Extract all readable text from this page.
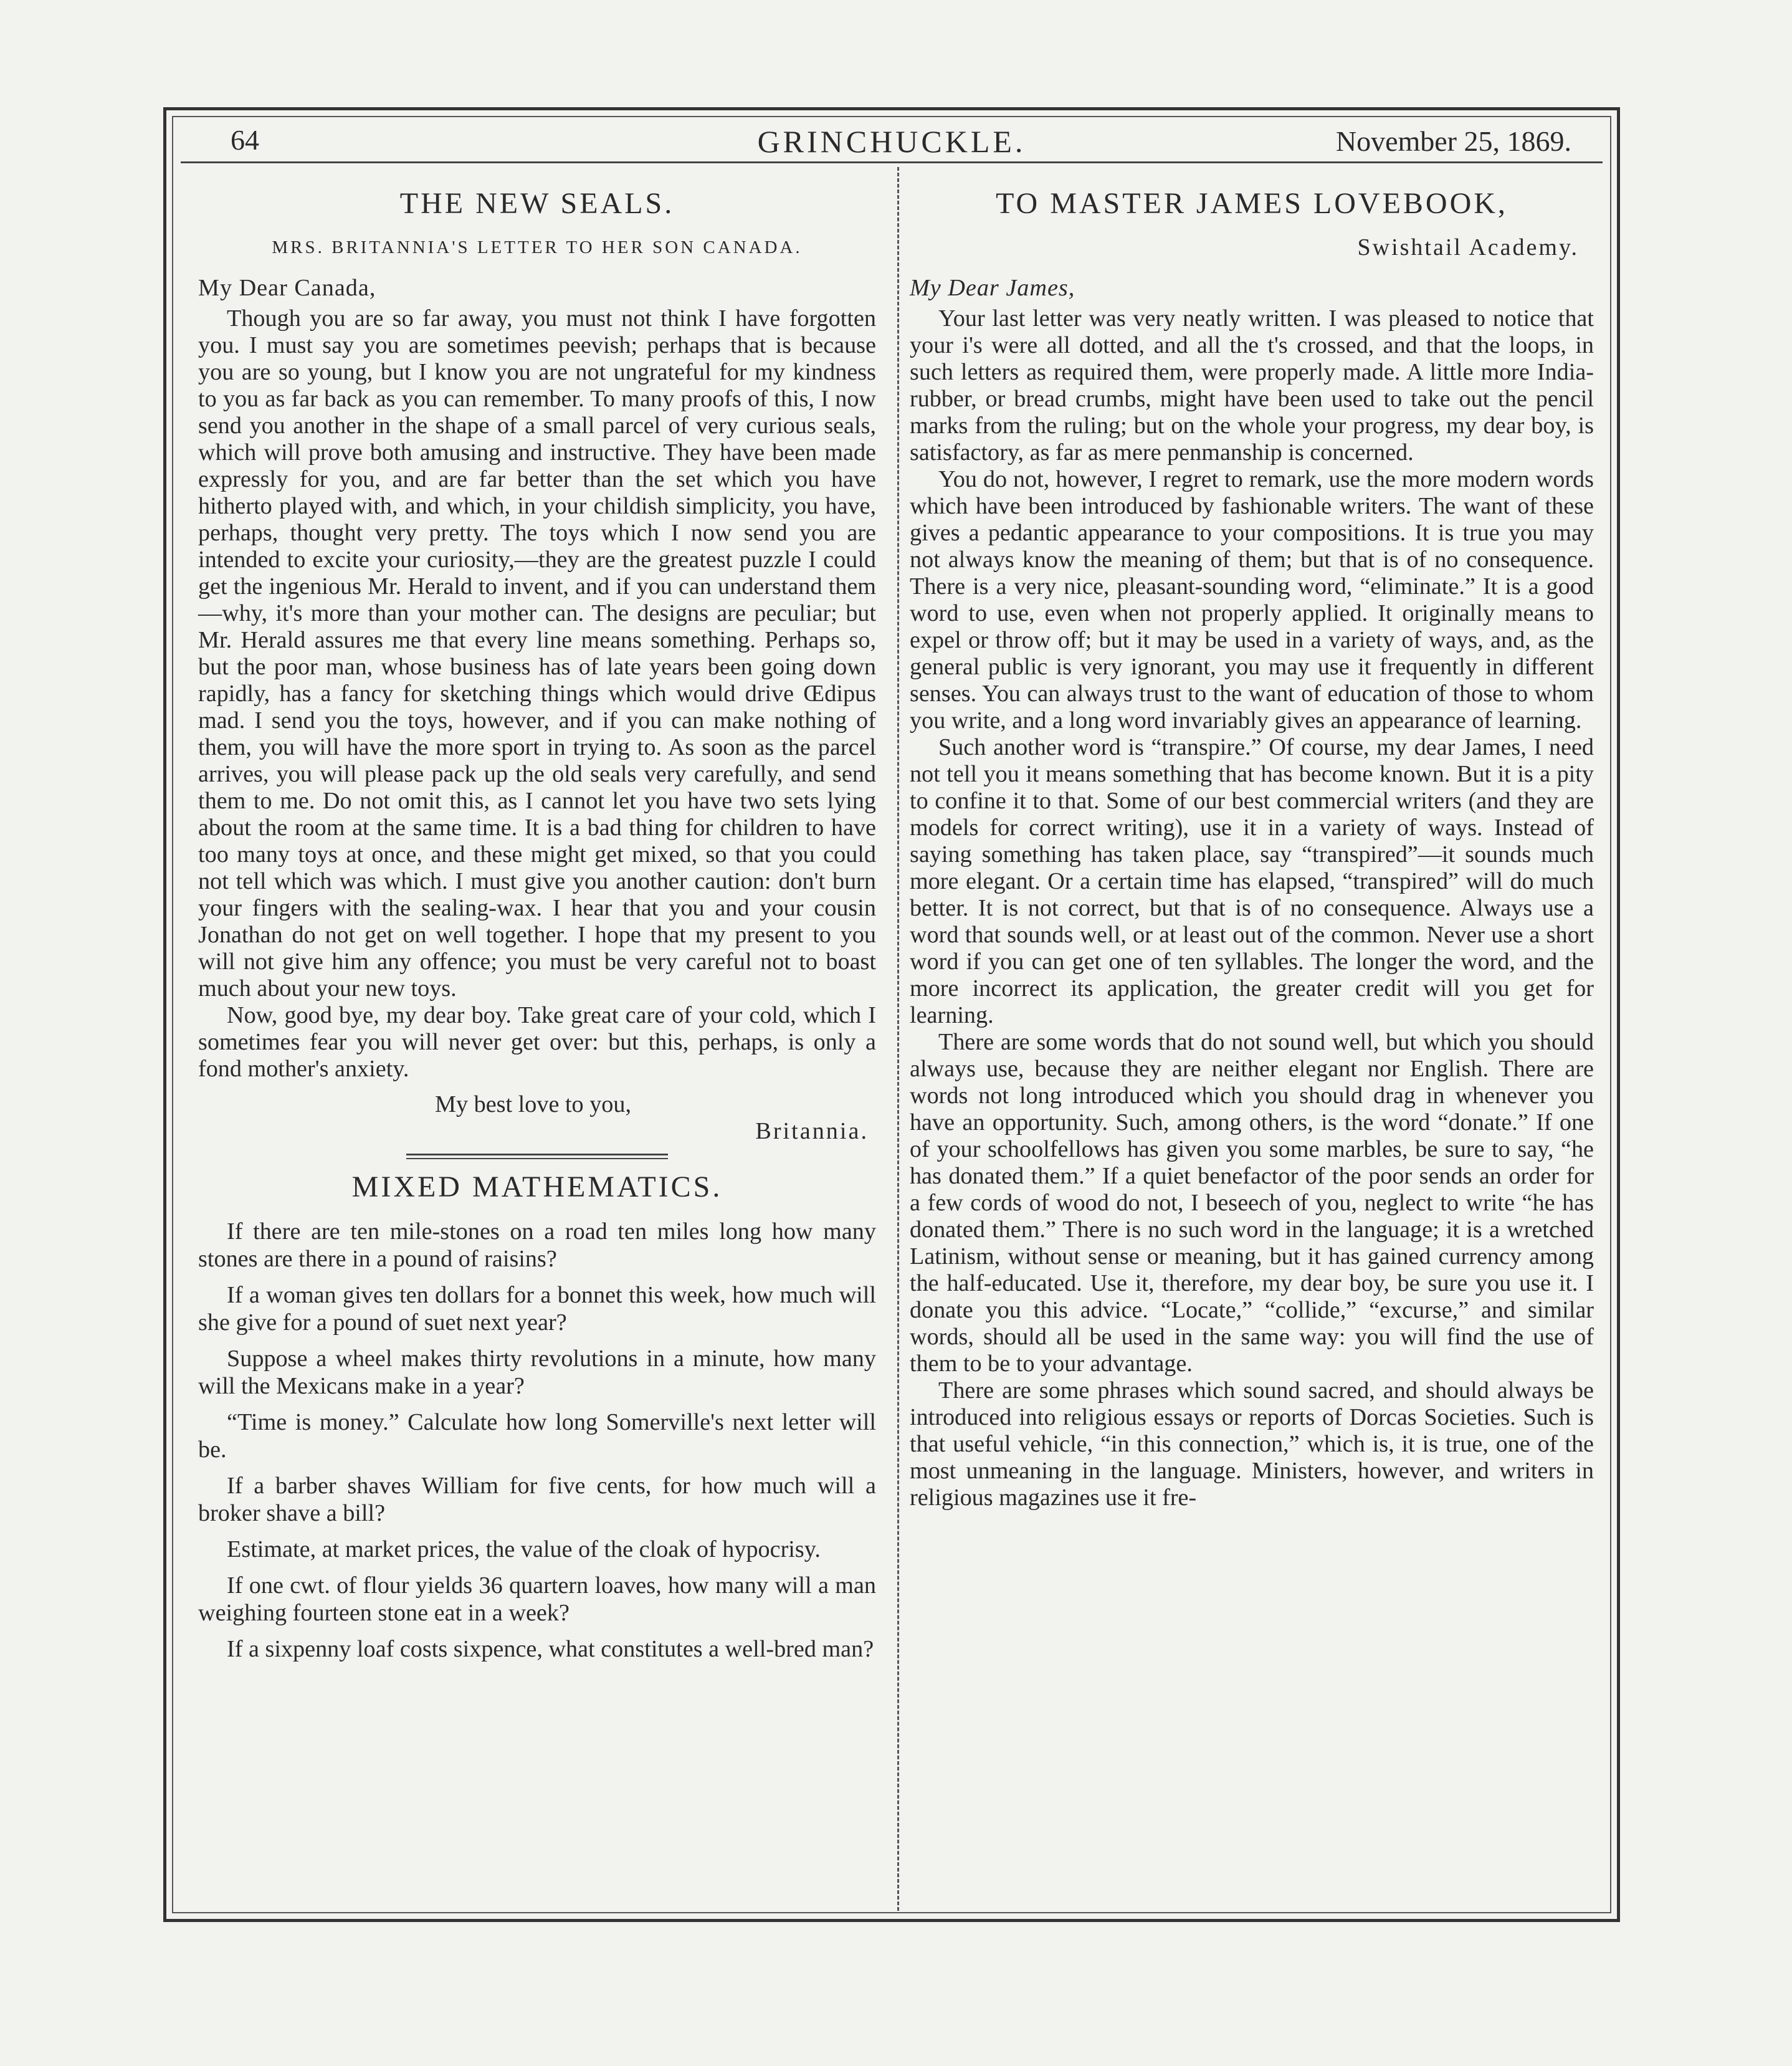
64	GRINCHUCKLE.	November 25, 1869.
THE NEW SEALS.
MRS. BRITANNIA'S LETTER TO HER SON CANADA.

My Dear Canada,

Though you are so far away, you must not think I have forgotten you. I must say you are sometimes peevish; perhaps that is because you are so young, but I know you are not ungrateful for my kindness to you as far back as you can remember. To many proofs of this, I now send you another in the shape of a small parcel of very curious seals, which will prove both amusing and instructive. They have been made expressly for you, and are far better than the set which you have hitherto played with, and which, in your childish simplicity, you have, perhaps, thought very pretty. The toys which I now send you are intended to excite your curiosity,—they are the greatest puzzle I could get the ingenious Mr. Herald to invent, and if you can understand them—why, it's more than your mother can. The designs are peculiar; but Mr. Herald assures me that every line means something. Perhaps so, but the poor man, whose business has of late years been going down rapidly, has a fancy for sketching things which would drive Œdipus mad. I send you the toys, however, and if you can make nothing of them, you will have the more sport in trying to. As soon as the parcel arrives, you will please pack up the old seals very carefully, and send them to me. Do not omit this, as I cannot let you have two sets lying about the room at the same time. It is a bad thing for children to have too many toys at once, and these might get mixed, so that you could not tell which was which. I must give you another caution: don't burn your fingers with the sealing-wax. I hear that you and your cousin Jonathan do not get on well together. I hope that my present to you will not give him any offence; you must be very careful not to boast much about your new toys.

Now, good bye, my dear boy. Take great care of your cold, which I sometimes fear you will never get over: but this, perhaps, is only a fond mother's anxiety.

My best love to you,

Britannia.

MIXED MATHEMATICS.

If there are ten mile-stones on a road ten miles long how many stones are there in a pound of raisins?

If a woman gives ten dollars for a bonnet this week, how much will she give for a pound of suet next year?

Suppose a wheel makes thirty revolutions in a minute, how many will the Mexicans make in a year?

“Time is money.” Calculate how long Somerville's next letter will be.

If a barber shaves William for five cents, for how much will a broker shave a bill?

Estimate, at market prices, the value of the cloak of hypocrisy.

If one cwt. of flour yields 36 quartern loaves, how many will a man weighing fourteen stone eat in a week?

If a sixpenny loaf costs sixpence, what constitutes a well-bred man?

TO MASTER JAMES LOVEBOOK,
Swishtail Academy.

My Dear James,

Your last letter was very neatly written. I was pleased to notice that your i's were all dotted, and all the t's crossed, and that the loops, in such letters as required them, were properly made. A little more India-rubber, or bread crumbs, might have been used to take out the pencil marks from the ruling; but on the whole your progress, my dear boy, is satisfactory, as far as mere penmanship is concerned.

You do not, however, I regret to remark, use the more modern words which have been introduced by fashionable writers. The want of these gives a pedantic appearance to your compositions. It is true you may not always know the meaning of them; but that is of no consequence. There is a very nice, pleasant-sounding word, “eliminate.” It is a good word to use, even when not properly applied. It originally means to expel or throw off; but it may be used in a variety of ways, and, as the general public is very ignorant, you may use it frequently in different senses. You can always trust to the want of education of those to whom you write, and a long word invariably gives an appearance of learning.

Such another word is “transpire.” Of course, my dear James, I need not tell you it means something that has become known. But it is a pity to confine it to that. Some of our best commercial writers (and they are models for correct writing), use it in a variety of ways. Instead of saying something has taken place, say “transpired”—it sounds much more elegant. Or a certain time has elapsed, “transpired” will do much better. It is not correct, but that is of no consequence. Always use a word that sounds well, or at least out of the common. Never use a short word if you can get one of ten syllables. The longer the word, and the more incorrect its application, the greater credit will you get for learning.

There are some words that do not sound well, but which you should always use, because they are neither elegant nor English. There are words not long introduced which you should drag in whenever you have an opportunity. Such, among others, is the word “donate.” If one of your schoolfellows has given you some marbles, be sure to say, “he has donated them.” If a quiet benefactor of the poor sends an order for a few cords of wood do not, I beseech of you, neglect to write “he has donated them.” There is no such word in the language; it is a wretched Latinism, without sense or meaning, but it has gained currency among the half-educated. Use it, therefore, my dear boy, be sure you use it. I donate you this advice. “Locate,” “collide,” “excurse,” and similar words, should all be used in the same way: you will find the use of them to be to your advantage.

There are some phrases which sound sacred, and should always be introduced into religious essays or reports of Dorcas Societies. Such is that useful vehicle, “in this connection,” which is, it is true, one of the most unmeaning in the language. Ministers, however, and writers in religious magazines use it fre-
